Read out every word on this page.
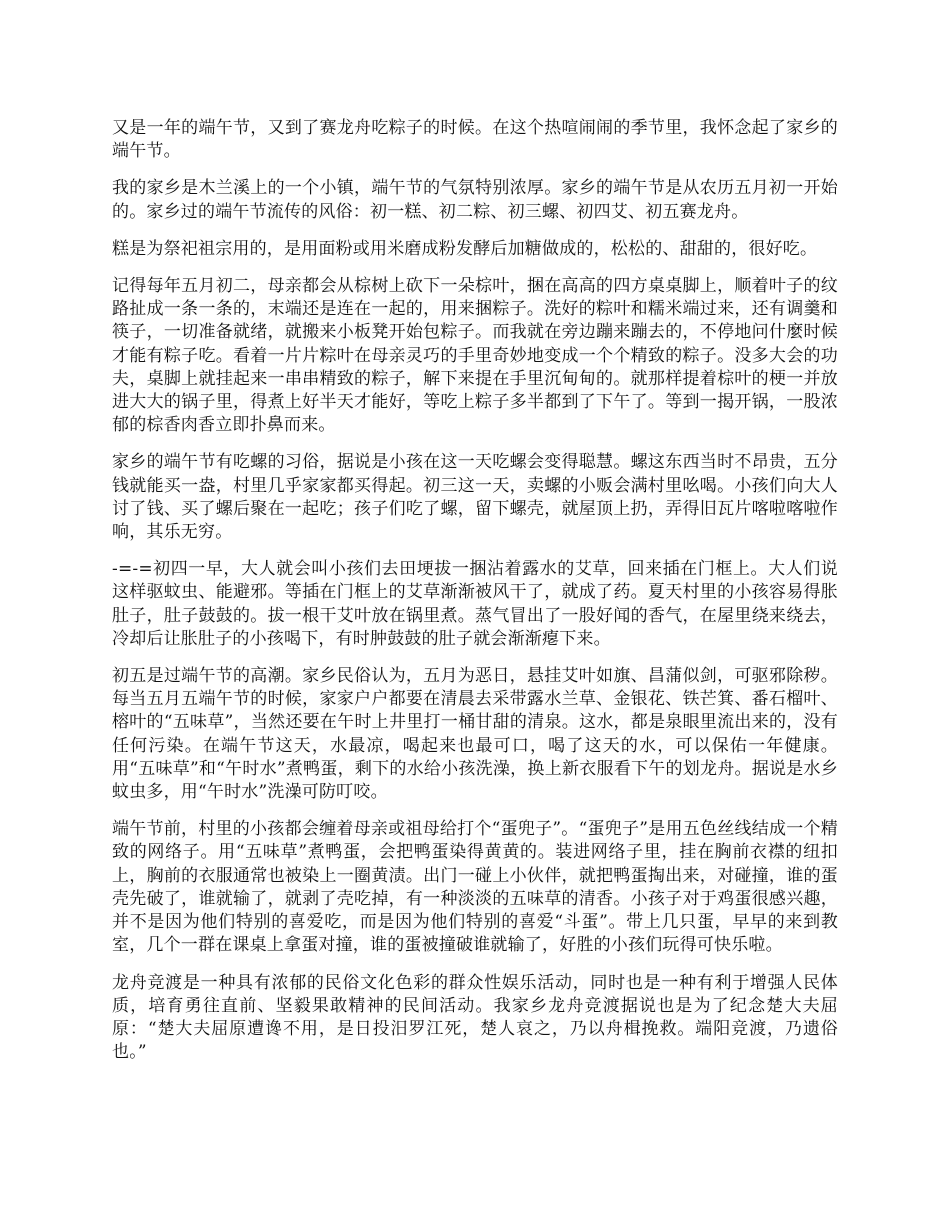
又是一年的端午节，又到了赛龙舟吃粽子的时候。在这个热喧闹闹的季节里，我怀念起了家乡的端午节。

我的家乡是木兰溪上的一个小镇，端午节的气氛特别浓厚。家乡的端午节是从农历五月初一开始的。家乡过的端午节流传的风俗：初一糕、初二粽、初三螺、初四艾、初五赛龙舟。

糕是为祭祀祖宗用的，是用面粉或用米磨成粉发酵后加糖做成的，松松的、甜甜的，很好吃。

记得每年五月初二，母亲都会从棕树上砍下一朵棕叶，捆在高高的四方桌桌脚上，顺着叶子的纹路扯成一条一条的，末端还是连在一起的，用来捆粽子。洗好的粽叶和糯米端过来，还有调羹和筷子，一切准备就绪，就搬来小板凳开始包粽子。而我就在旁边蹦来蹦去的，不停地问什麼时候才能有粽子吃。看着一片片粽叶在母亲灵巧的手里奇妙地变成一个个精致的粽子。没多大会的功夫，桌脚上就挂起来一串串精致的粽子，解下来提在手里沉甸甸的。就那样提着棕叶的梗一并放进大大的锅子里，得煮上好半天才能好，等吃上粽子多半都到了下午了。等到一揭开锅，一股浓郁的棕香肉香立即扑鼻而来。

家乡的端午节有吃螺的习俗，据说是小孩在这一天吃螺会变得聪慧。螺这东西当时不昂贵，五分钱就能买一盎，村里几乎家家都买得起。初三这一天，卖螺的小贩会满村里吆喝。小孩们向大人讨了钱、买了螺后聚在一起吃；孩子们吃了螺，留下螺壳，就屋顶上扔，弄得旧瓦片喀啦喀啦作响，其乐无穷。

-=-=初四一早，大人就会叫小孩们去田埂拔一捆沾着露水的艾草，回来插在门框上。大人们说这样驱蚊虫、能避邪。等插在门框上的艾草渐渐被风干了，就成了药。夏天村里的小孩容易得胀肚子，肚子鼓鼓的。拔一根干艾叶放在锅里煮。蒸气冒出了一股好闻的香气，在屋里绕来绕去，冷却后让胀肚子的小孩喝下，有时肿鼓鼓的肚子就会渐渐瘪下来。

初五是过端午节的高潮。家乡民俗认为，五月为恶日，悬挂艾叶如旗、昌蒲似剑，可驱邪除秽。每当五月五端午节的时候，家家户户都要在清晨去采带露水兰草、金银花、铁芒箕、番石榴叶、榕叶的“五味草”，当然还要在午时上井里打一桶甘甜的清泉。这水，都是泉眼里流出来的，没有任何污染。在端午节这天，水最凉，喝起来也最可口，喝了这天的水，可以保佑一年健康。用“五味草”和“午时水”煮鸭蛋，剩下的水给小孩洗澡，换上新衣服看下午的划龙舟。据说是水乡蚊虫多，用“午时水”洗澡可防叮咬。

端午节前，村里的小孩都会缠着母亲或祖母给打个“蛋兜子”。“蛋兜子”是用五色丝线结成一个精致的网络子。用“五味草”煮鸭蛋，会把鸭蛋染得黄黄的。装进网络子里，挂在胸前衣襟的纽扣上，胸前的衣服通常也被染上一圈黄渍。出门一碰上小伙伴，就把鸭蛋掏出来，对碰撞，谁的蛋壳先破了，谁就输了，就剥了壳吃掉，有一种淡淡的五味草的清香。小孩子对于鸡蛋很感兴趣，并不是因为他们特别的喜爱吃，而是因为他们特别的喜爱“斗蛋”。带上几只蛋，早早的来到教室，几个一群在课桌上拿蛋对撞，谁的蛋被撞破谁就输了，好胜的小孩们玩得可快乐啦。

龙舟竞渡是一种具有浓郁的民俗文化色彩的群众性娱乐活动，同时也是一种有利于增强人民体质，培育勇往直前、坚毅果敢精神的民间活动。我家乡龙舟竞渡据说也是为了纪念楚大夫屈原：“楚大夫屈原遭谗不用，是日投汨罗江死，楚人哀之，乃以舟楫挽救。端阳竞渡，乃遗俗也。”
